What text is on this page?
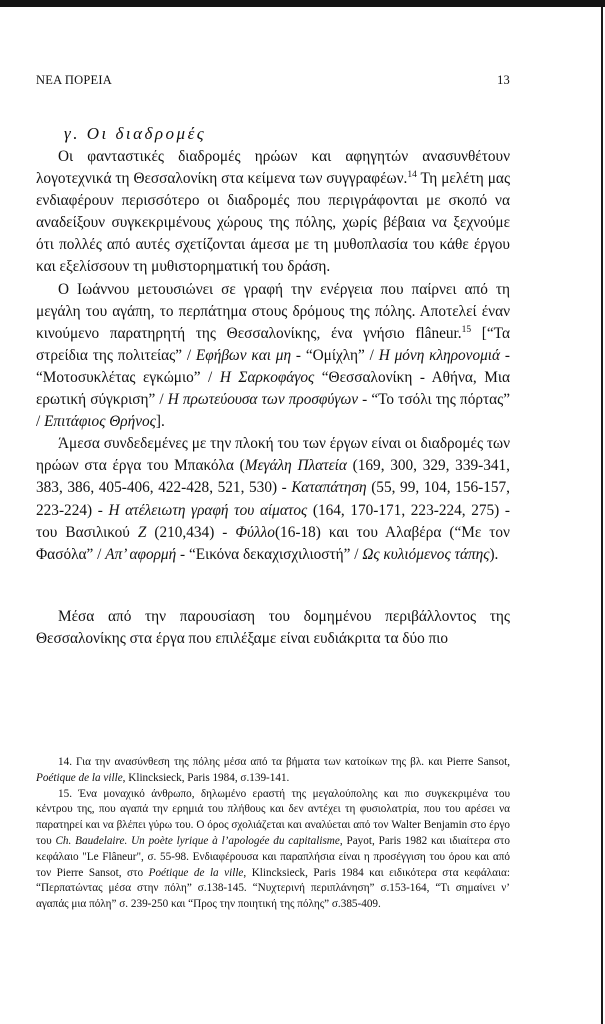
ΝΕΑ ΠΟΡΕΙΑ	13
γ. Οι διαδρομές

Οι φανταστικές διαδρομές ηρώων και αφηγητών ανασυνθέτουν λογοτεχνικά τη Θεσσαλονίκη στα κείμενα των συγγραφέων.$^{14}$ Τη μελέτη μας ενδιαφέρουν περισσότερο οι διαδρομές που περιγράφονται με σκοπό να αναδείξουν συγκεκριμένους χώρους της πόλης, χωρίς βέβαια να ξεχνούμε ότι πολλές από αυτές σχετίζονται άμεσα με τη μυθοπλασία του κάθε έργου και εξελίσσουν τη μυθιστορηματική του δράση.

Ο Ιωάννου μετουσιώνει σε γραφή την ενέργεια που παίρνει από τη μεγάλη του αγάπη, το περπάτημα στους δρόμους της πόλης. Αποτελεί έναν κινούμενο παρατηρητή της Θεσσαλονίκης, ένα γνήσιο flâneur.$^{15}$ [“Τα στρείδια της πολιτείας” / Εφήβων και μη - “Ομίχλη” / Η μόνη κληρονομιά - “Μοτοσυκλέτας εγκώμιο” / Η Σαρκοφάγος “Θεσσαλονίκη - Αθήνα, Μια ερωτική σύγκριση” / Η πρωτεύουσα των προσφύγων - “Το τσόλι της πόρτας” / Επιτάφιος Θρήνος].

Άμεσα συνδεδεμένες με την πλοκή του των έργων είναι οι διαδρομές των ηρώων στα έργα του Μπακόλα (Μεγάλη Πλατεία (169, 300, 329, 339-341, 383, 386, 405-406, 422-428, 521, 530) - Καταπάτηση (55, 99, 104, 156-157, 223-224) - Η ατέλειωτη γραφή του αίματος (164, 170-171, 223-224, 275) - του Βασιλικού Ζ (210,434) - Φύλλο(16-18) και του Αλαβέρα (“Με τον Φασόλα” / Απ’ αφορμή - “Εικόνα δεκαχισχιλιοστή” / Ως κυλιόμενος τάπης).

Μέσα από την παρουσίαση του δομημένου περιβάλλοντος της Θεσσαλονίκης στα έργα που επιλέξαμε είναι ευδιάκριτα τα δύο πιο

14. Για την ανασύνθεση της πόλης μέσα από τα βήματα των κατοίκων της βλ. και Pierre Sansot, Poétique de la ville, Klincksieck, Paris 1984, σ.139-141.

15. Ένα μοναχικό άνθρωπο, δηλωμένο εραστή της μεγαλούπολης και πιο συγκεκριμένα του κέντρου της, που αγαπά την ερημιά του πλήθους και δεν αντέχει τη φυσιολατρία, που του αρέσει να παρατηρεί και να βλέπει γύρω του. Ο όρος σχολιάζεται και αναλύεται από τον Walter Benjamin στο έργο του Ch. Baudelaire. Un poète lyrique à l’apologée du capitalisme, Payot, Paris 1982 και ιδιαίτερα στο κεφάλαιο "Le Flâneur", σ. 55-98. Ενδιαφέρουσα και παραπλήσια είναι η προσέγγιση του όρου και από τον Pierre Sansot, στο Poétique de la ville, Klincksieck, Paris 1984 και ειδικότερα στα κεφάλαια: “Περπατώντας μέσα στην πόλη” σ.138-145. “Νυχτερινή περιπλάνηση” σ.153-164, “Τι σημαίνει ν’ αγαπάς μια πόλη” σ. 239-250 και “Προς την ποιητική της πόλης” σ.385-409.
